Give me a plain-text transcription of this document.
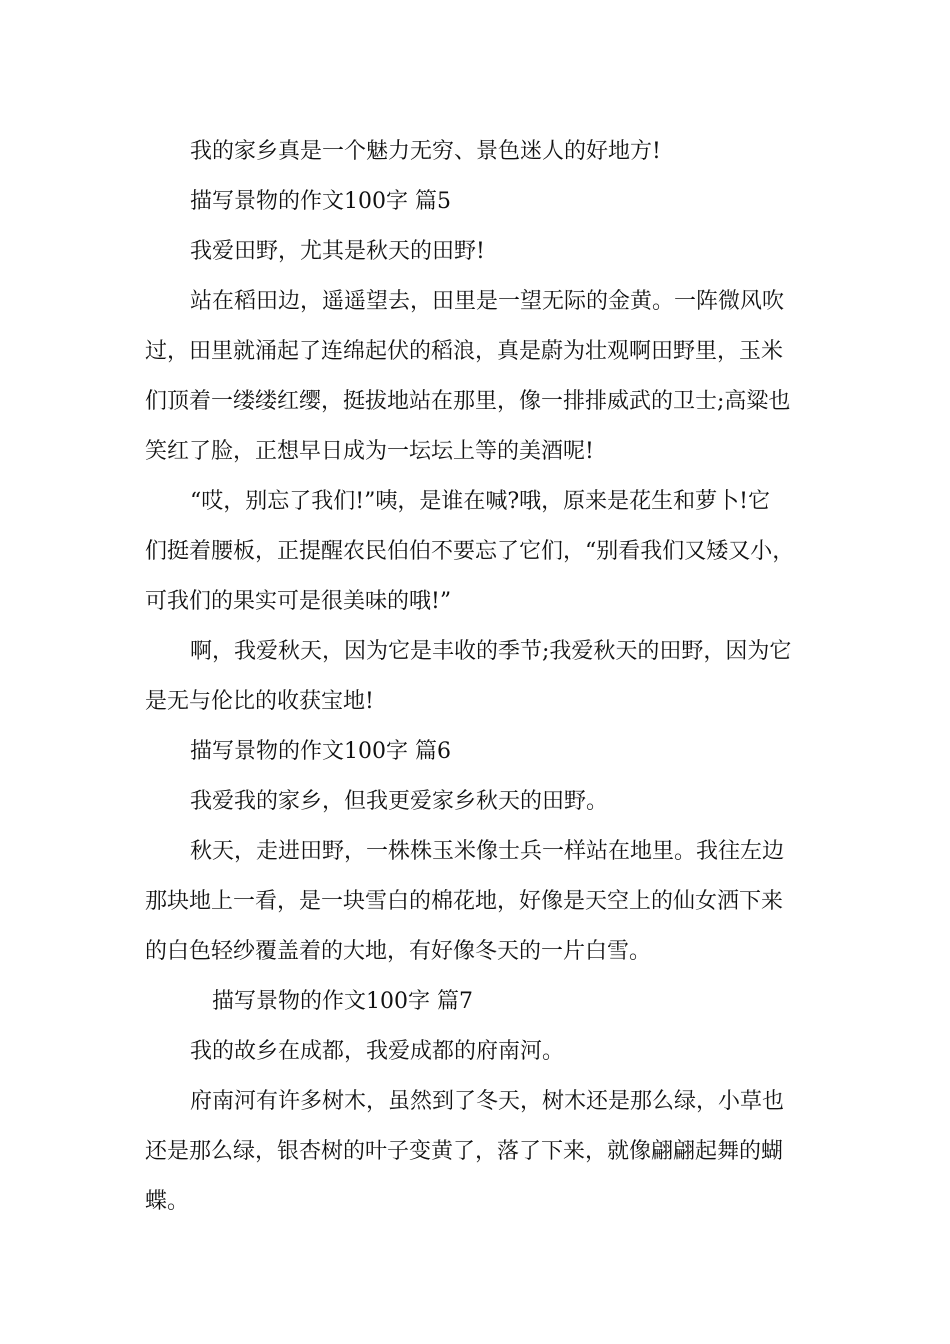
我的家乡真是一个魅力无穷、景色迷人的好地方!

描写景物的作文100字 篇5

我爱田野，尤其是秋天的田野!

站在稻田边，遥遥望去，田里是一望无际的金黄。一阵微风吹
过，田里就涌起了连绵起伏的稻浪，真是蔚为壮观啊田野里，玉米
们顶着一缕缕红缨，挺拔地站在那里，像一排排威武的卫士;高粱也
笑红了脸，正想早日成为一坛坛上等的美酒呢!
“哎，别忘了我们!”咦，是谁在喊?哦，原来是花生和萝卜!它
们挺着腰板，正提醒农民伯伯不要忘了它们，“别看我们又矮又小，
可我们的果实可是很美味的哦!”
啊，我爱秋天，因为它是丰收的季节;我爱秋天的田野，因为它
是无与伦比的收获宝地!

描写景物的作文100字 篇6

我爱我的家乡，但我更爱家乡秋天的田野。

秋天，走进田野，一株株玉米像士兵一样站在地里。我往左边
那块地上一看，是一块雪白的棉花地，好像是天空上的仙女洒下来
的白色轻纱覆盖着的大地，有好像冬天的一片白雪。

描写景物的作文100字 篇7

我的故乡在成都，我爱成都的府南河。

府南河有许多树木，虽然到了冬天，树木还是那么绿，小草也
还是那么绿，银杏树的叶子变黄了，落了下来，就像翩翩起舞的蝴
蝶。
